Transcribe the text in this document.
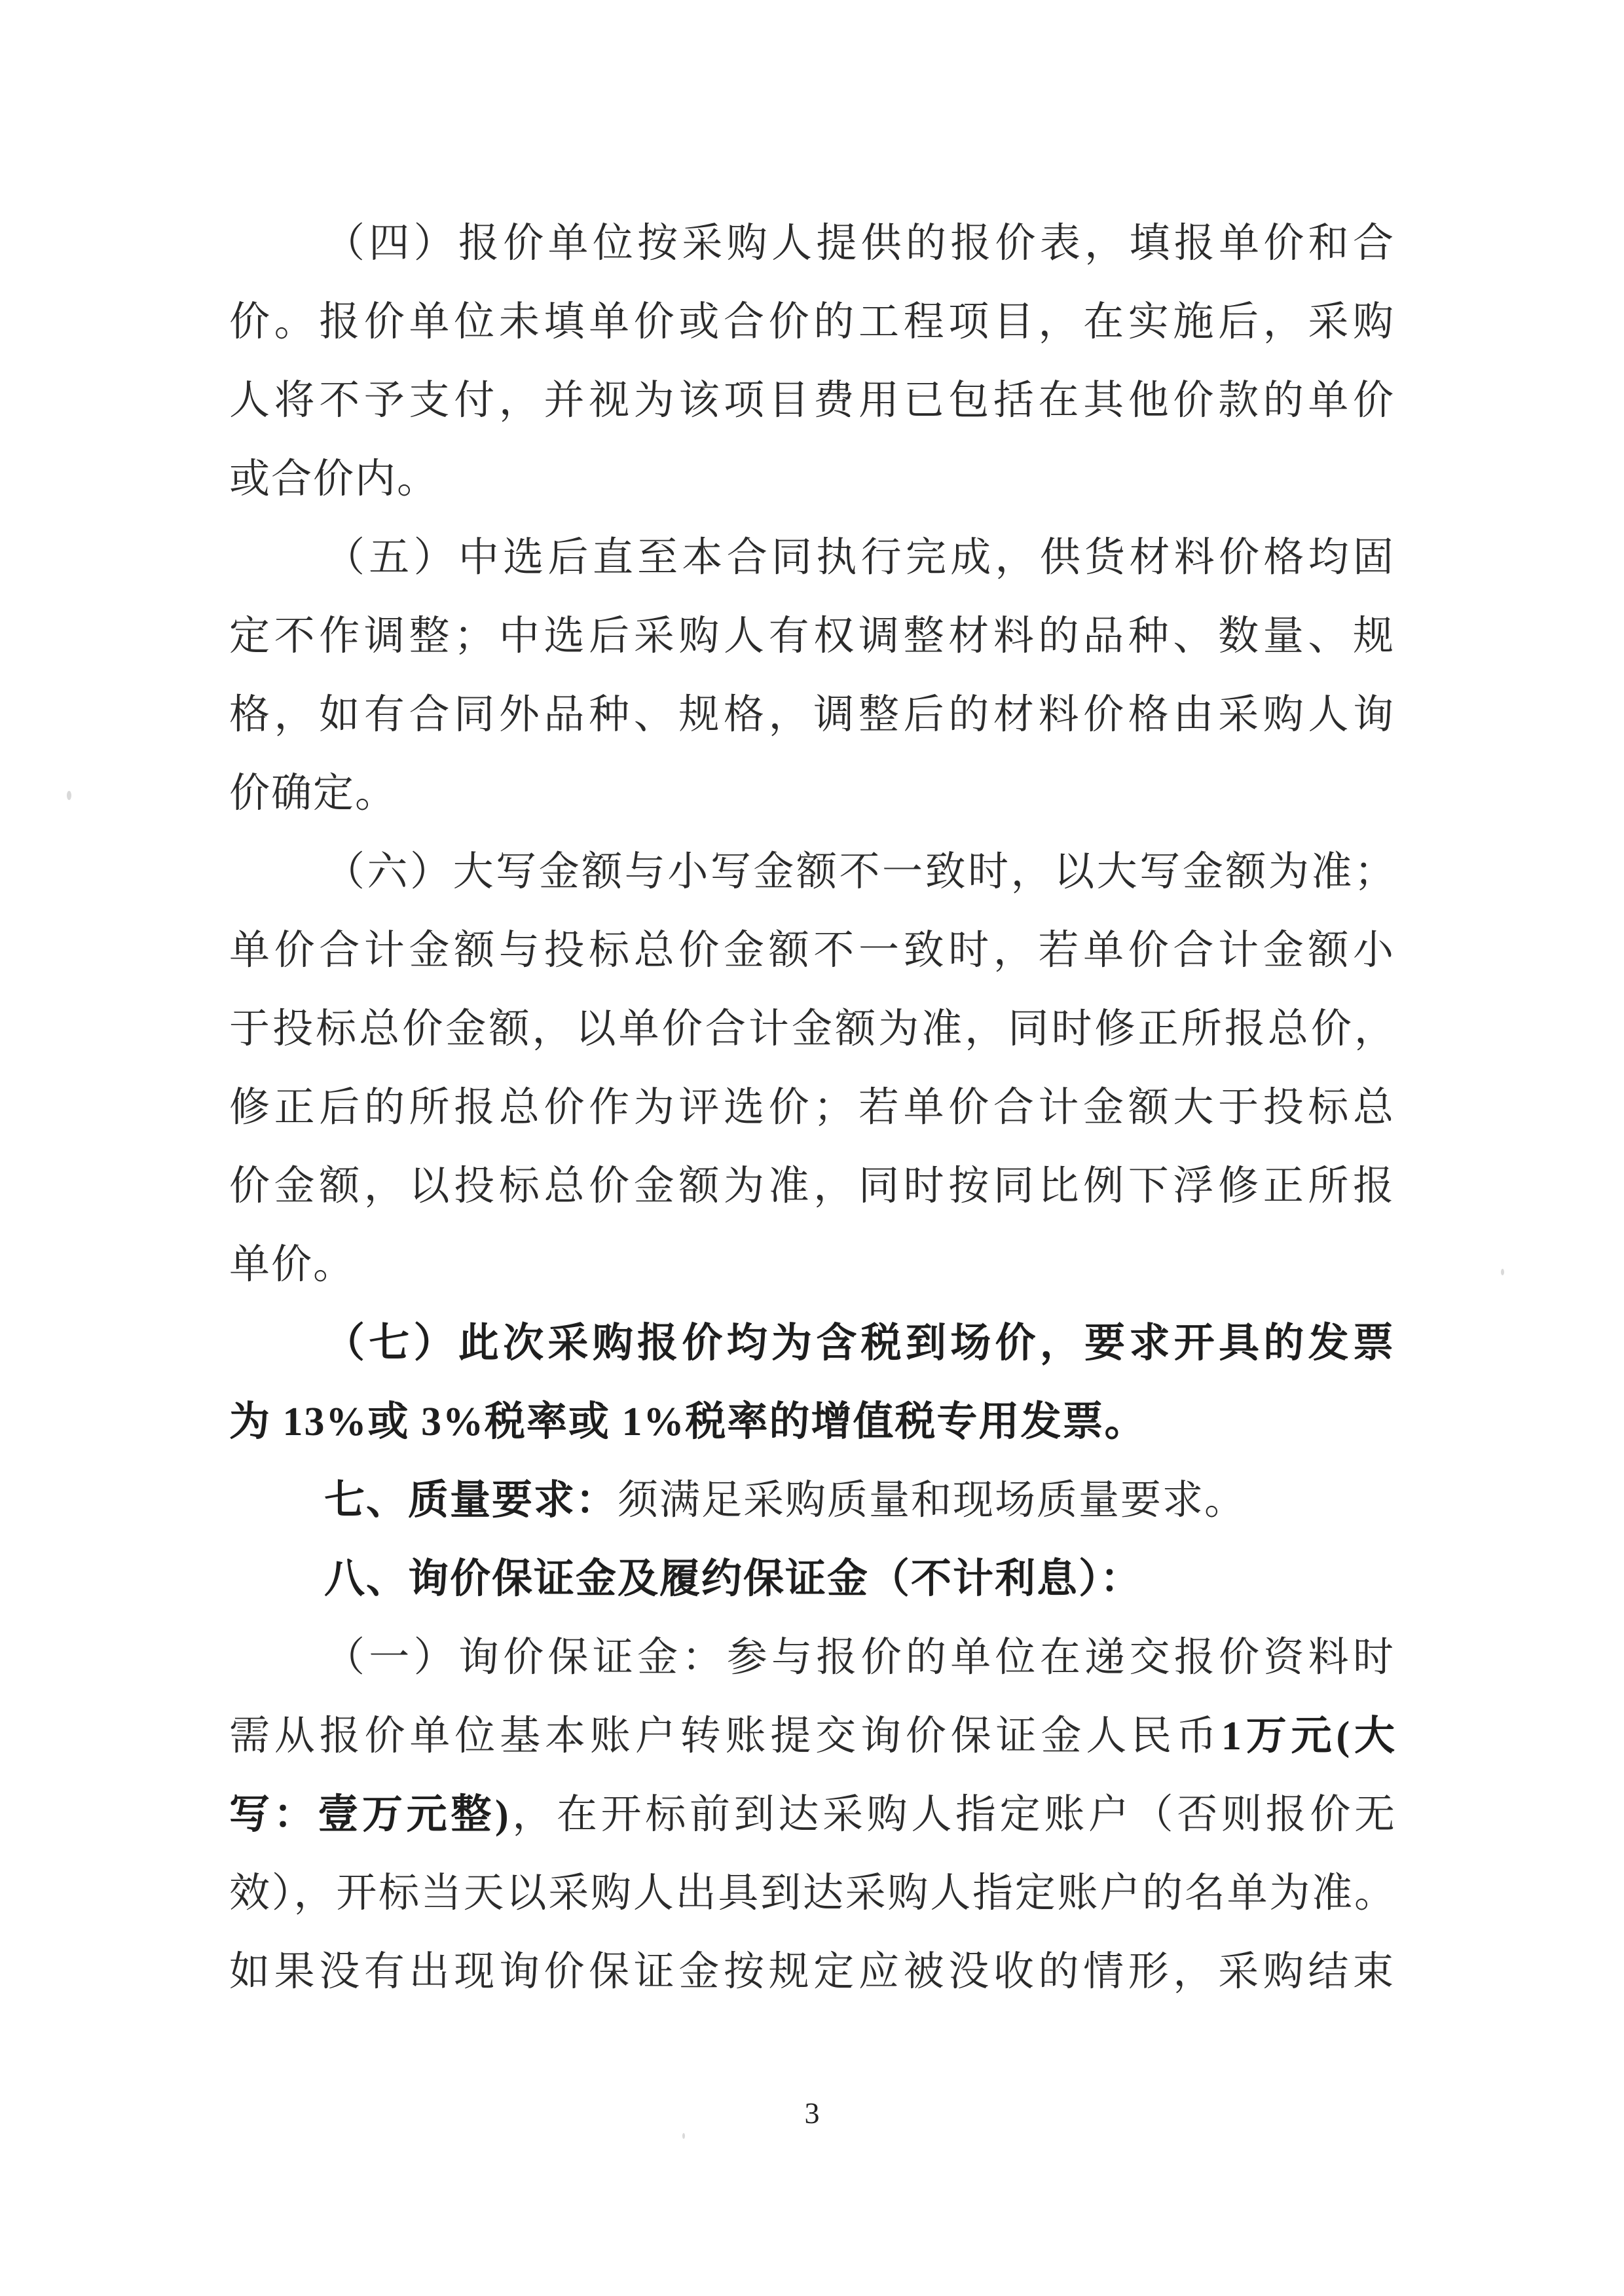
（四）报价单位按采购人提供的报价表，填报单价和合
价。报价单位未填单价或合价的工程项目，在实施后，采购
人将不予支付，并视为该项目费用已包括在其他价款的单价
或合价内。
（五）中选后直至本合同执行完成，供货材料价格均固
定不作调整；中选后采购人有权调整材料的品种、数量、规
格，如有合同外品种、规格，调整后的材料价格由采购人询
价确定。
（六）大写金额与小写金额不一致时，以大写金额为准；
单价合计金额与投标总价金额不一致时，若单价合计金额小
于投标总价金额，以单价合计金额为准，同时修正所报总价，
修正后的所报总价作为评选价；若单价合计金额大于投标总
价金额，以投标总价金额为准，同时按同比例下浮修正所报
单价。
（七）此次采购报价均为含税到场价，要求开具的发票
为 13%或 3%税率或 1%税率的增值税专用发票。
七、质量要求：须满足采购质量和现场质量要求。
八、询价保证金及履约保证金（不计利息）：
（一）询价保证金：参与报价的单位在递交报价资料时
需从报价单位基本账户转账提交询价保证金人民币1万元(大
写：壹万元整)，在开标前到达采购人指定账户（否则报价无
效），开标当天以采购人出具到达采购人指定账户的名单为准。
如果没有出现询价保证金按规定应被没收的情形，采购结束
3
